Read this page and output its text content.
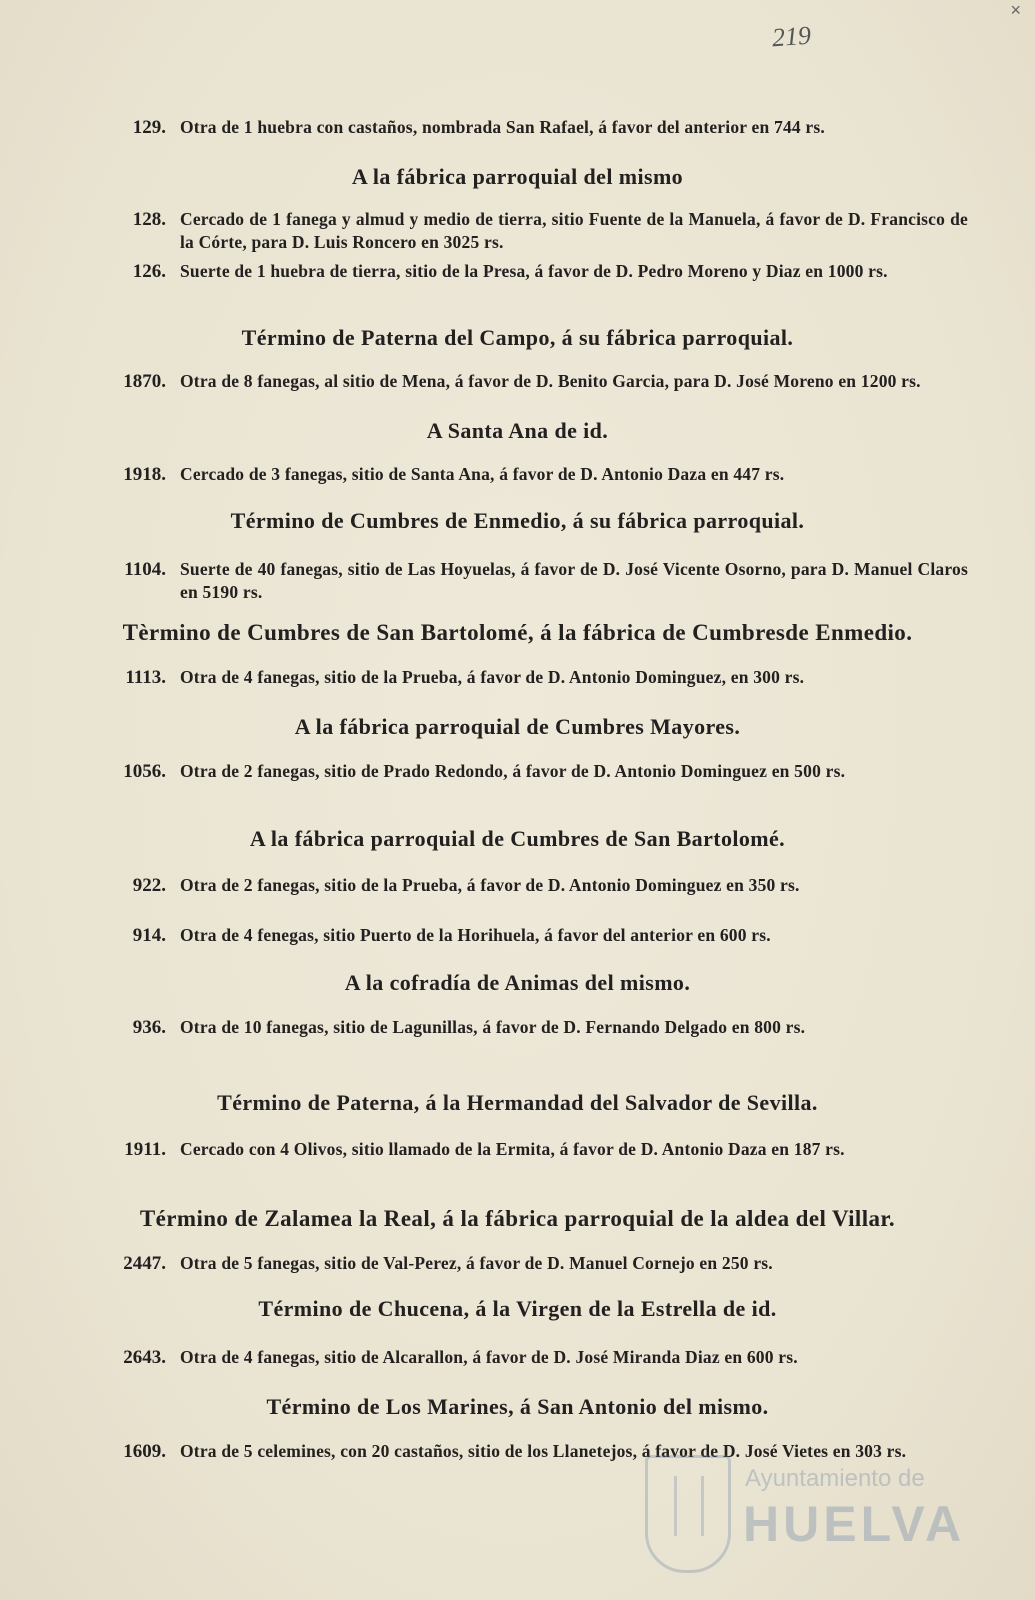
219
×
129. Otra de 1 huebra con castaños, nombrada San Rafael, á favor del anterior en 744 rs.
A la fábrica parroquial del mismo
128. Cercado de 1 fanega y almud y medio de tierra, sitio Fuente de la Manuela, á favor de D. Francisco de la Córte, para D. Luis Roncero en 3025 rs.
126. Suerte de 1 huebra de tierra, sitio de la Presa, á favor de D. Pedro Moreno y Diaz en 1000 rs.
Término de Paterna del Campo, á su fábrica parroquial.
1870. Otra de 8 fanegas, al sitio de Mena, á favor de D. Benito Garcia, para D. José Moreno en 1200 rs.
A Santa Ana de id.
1918. Cercado de 3 fanegas, sitio de Santa Ana, á favor de D. Antonio Daza en 447 rs.
Término de Cumbres de Enmedio, á su fábrica parroquial.
1104. Suerte de 40 fanegas, sitio de Las Hoyuelas, á favor de D. José Vicente Osorno, para D. Manuel Claros en 5190 rs.
Tèrmino de Cumbres de San Bartolomé, á la fábrica de Cumbresde Enmedio.
1113. Otra de 4 fanegas, sitio de la Prueba, á favor de D. Antonio Dominguez, en 300 rs.
A la fábrica parroquial de Cumbres Mayores.
1056. Otra de 2 fanegas, sitio de Prado Redondo, á favor de D. Antonio Dominguez en 500 rs.
A la fábrica parroquial de Cumbres de San Bartolomé.
922. Otra de 2 fanegas, sitio de la Prueba, á favor de D. Antonio Dominguez en 350 rs.
914. Otra de 4 fenegas, sitio Puerto de la Horihuela, á favor del anterior en 600 rs.
A la cofradía de Animas del mismo.
936. Otra de 10 fanegas, sitio de Lagunillas, á favor de D. Fernando Delgado en 800 rs.
Término de Paterna, á la Hermandad del Salvador de Sevilla.
1911. Cercado con 4 Olivos, sitio llamado de la Ermita, á favor de D. Antonio Daza en 187 rs.
Término de Zalamea la Real, á la fábrica parroquial de la aldea del Villar.
2447. Otra de 5 fanegas, sitio de Val-Perez, á favor de D. Manuel Cornejo en 250 rs.
Término de Chucena, á la Virgen de la Estrella de id.
2643. Otra de 4 fanegas, sitio de Alcarallon, á favor de D. José Miranda Diaz en 600 rs.
Término de Los Marines, á San Antonio del mismo.
1609. Otra de 5 celemines, con 20 castaños, sitio de los Llanetejos, á favor de D. José Vietes en 303 rs.
Ayuntamiento de
HUELVA
